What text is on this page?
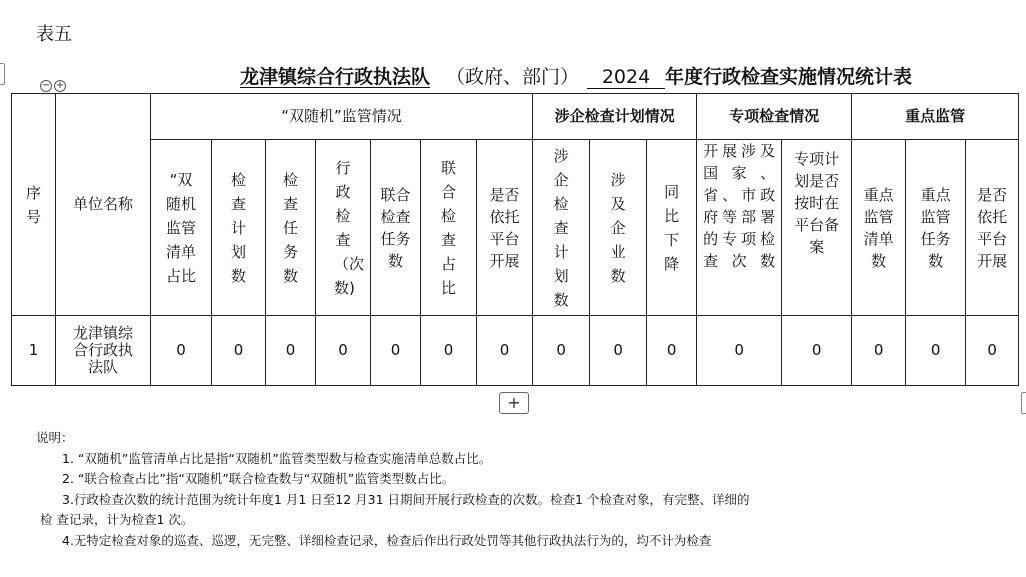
表五
龙津镇综合行政执法队 （政府、部门） 2024 年度行政检查实施情况统计表
− +
序号	单位名称	“双随机”监管情况							涉企检查计划情况			专项检查情况		重点监管		
		“双随机监管清单占比	检查计划数	检查任务数	行政检查（次数)	联合检查任务数	联合检查占比	是否依托平台开展	涉企检查计划数	涉及企业数	同比下降	开展涉及国家、省、市政府等部署的专项检查次数	专项计划是否按时在平台备案	重点监管清单数	重点监管任务数	是否依托平台开展
1	龙津镇综合行政执法队	0	0	0	0	0	0	0	0	0	0	0	0	0	0	0
+
说明：
1. “双随机”监管清单占比是指“双随机”监管类型数与检查实施清单总数占比。
2. “联合检查占比”指“双随机”联合检查数与“双随机”监管类型数占比。
3.行政检查次数的统计范围为统计年度1 月1 日至12 月31 日期间开展行政检查的次数。检查1 个检查对象，有完整、详细的
检 查记录，计为检查1 次。
4.无特定检查对象的巡查、巡逻，无完整、详细检查记录，检查后作出行政处罚等其他行政执法行为的，均不计为检查
